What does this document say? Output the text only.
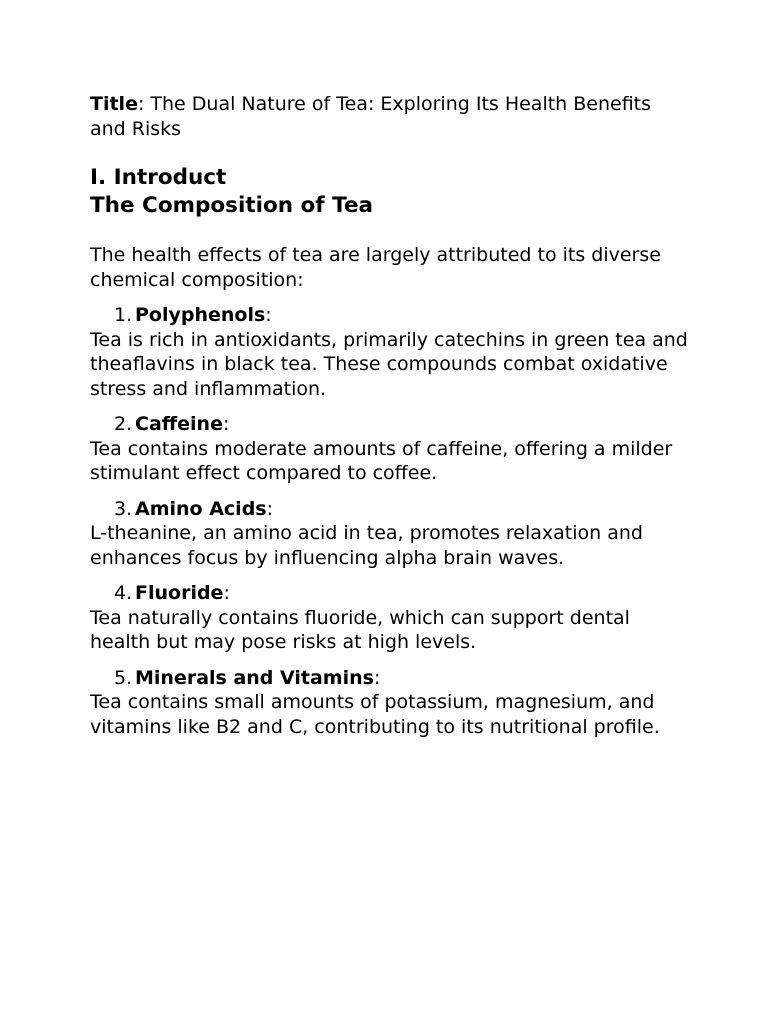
Title: The Dual Nature of Tea: Exploring Its Health Benefits and Risks

I. Introduct

The Composition of Tea

The health effects of tea are largely attributed to its diverse chemical composition:

1. Polyphenols:

Tea is rich in antioxidants, primarily catechins in green tea and theaflavins in black tea. These compounds combat oxidative stress and inflammation.

2. Caffeine:

Tea contains moderate amounts of caffeine, offering a milder stimulant effect compared to coffee.

3. Amino Acids:

L-theanine, an amino acid in tea, promotes relaxation and enhances focus by influencing alpha brain waves.

4. Fluoride:

Tea naturally contains fluoride, which can support dental health but may pose risks at high levels.

5. Minerals and Vitamins:

Tea contains small amounts of potassium, magnesium, and vitamins like B2 and C, contributing to its nutritional profile.
